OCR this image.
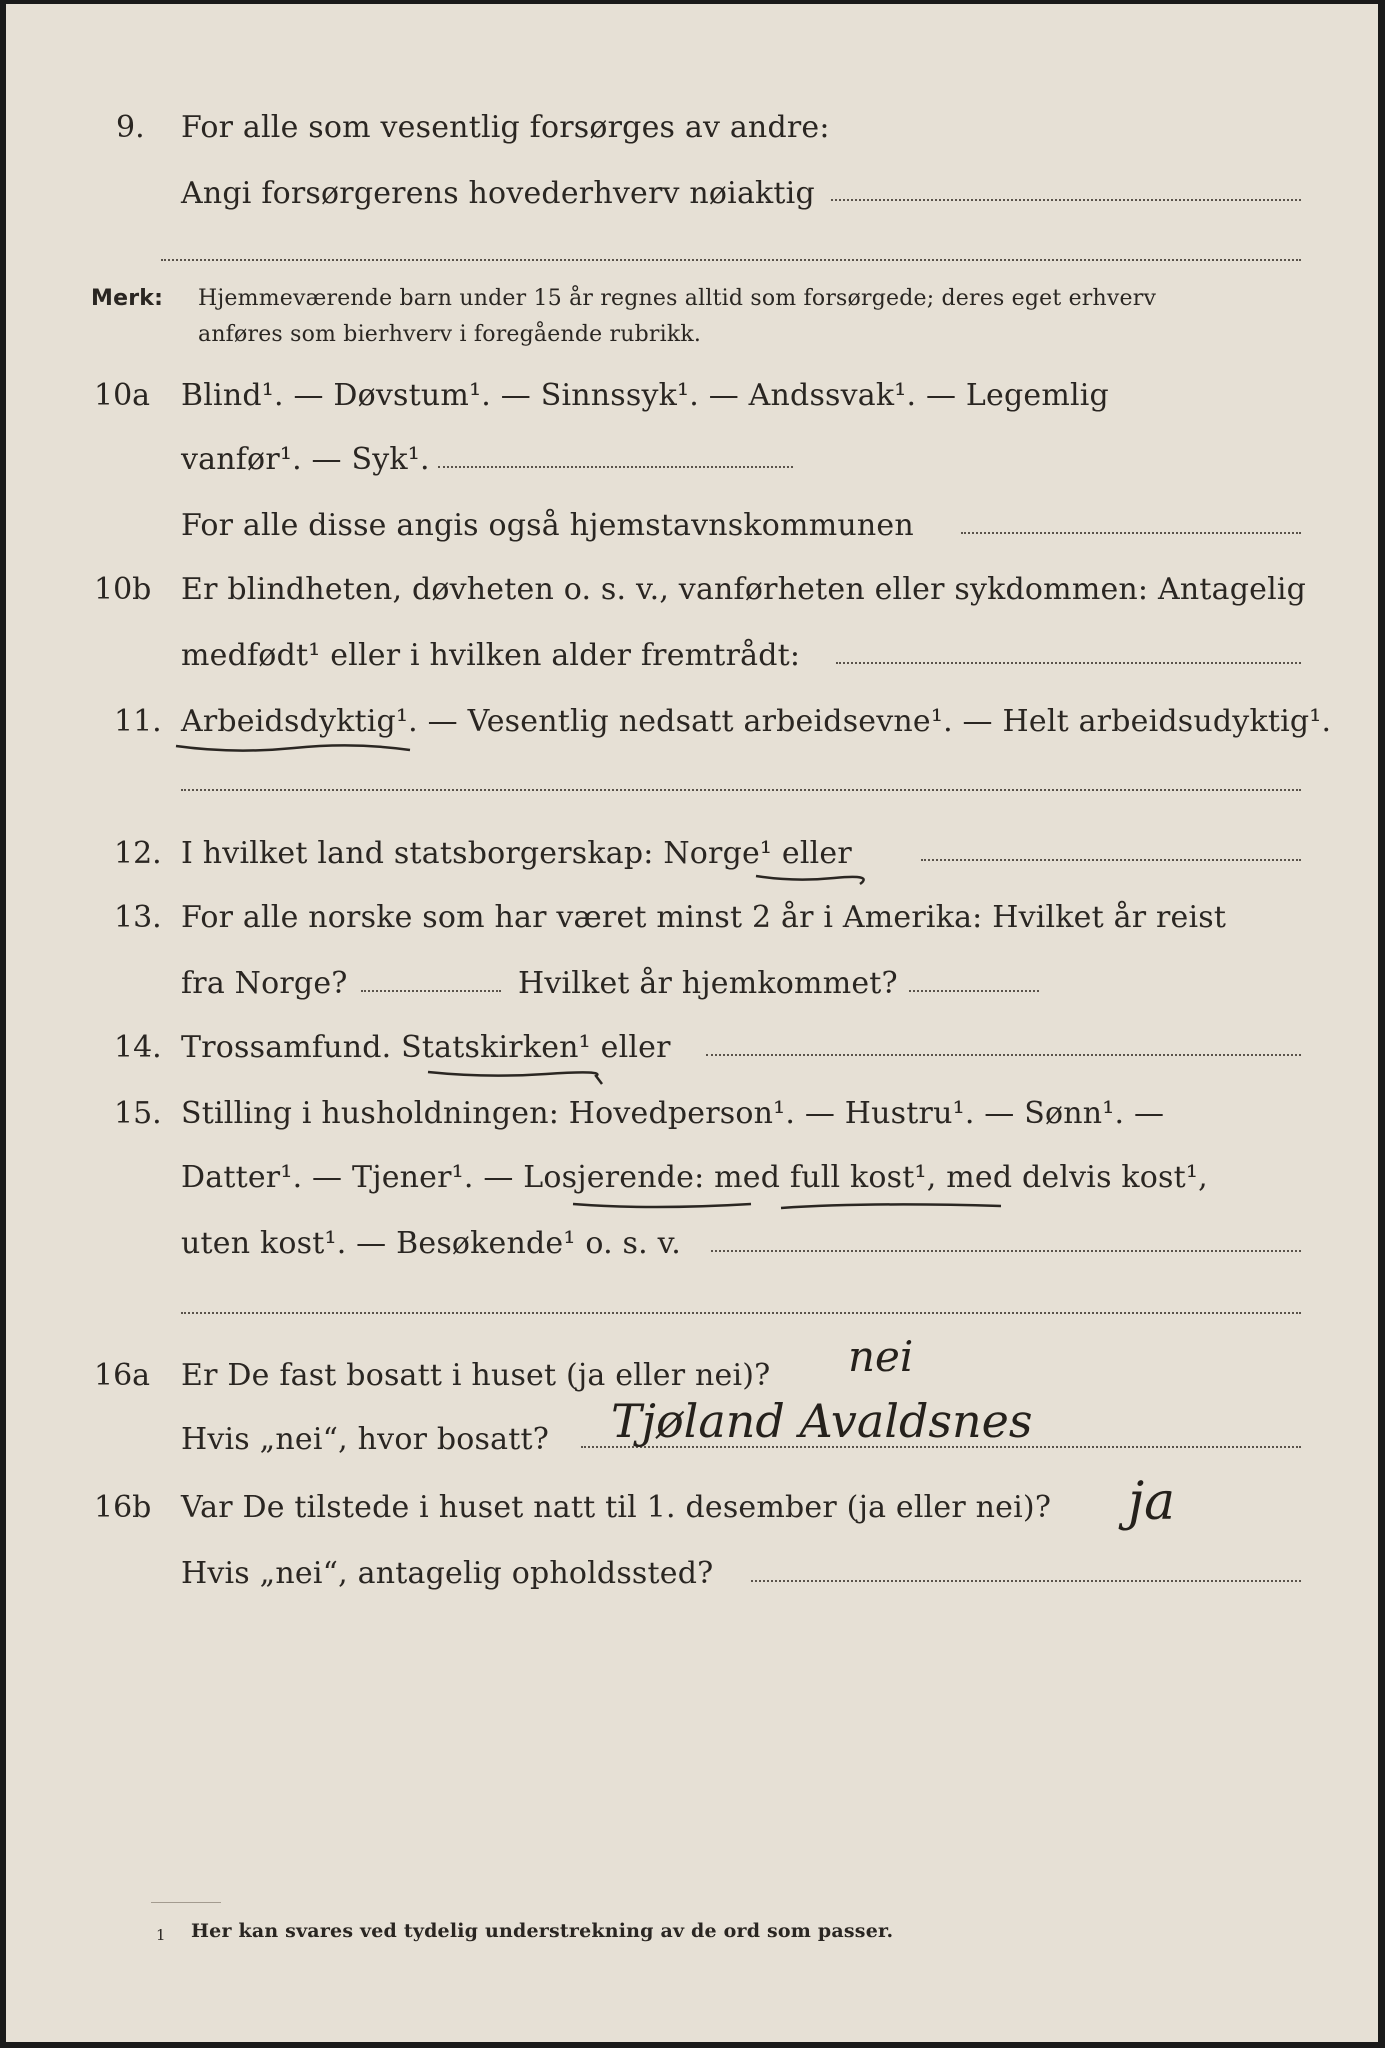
9. For alle som vesentlig forsørges av andre:
Angi forsørgerens hovederhverv nøiaktig
Merk: Hjemmeværende barn under 15 år regnes alltid som forsørgede; deres eget erhverv
anføres som bierhverv i foregående rubrikk.
10a Blind¹. — Døvstum¹. — Sinnssyk¹. — Andssvak¹. — Legemlig
vanfør¹. — Syk¹.
For alle disse angis også hjemstavnskommunen
10b Er blindheten, døvheten o. s. v., vanførheten eller sykdommen: Antagelig
medfødt¹ eller i hvilken alder fremtrådt:
11. Arbeidsdyktig¹. — Vesentlig nedsatt arbeidsevne¹. — Helt arbeidsudyktig¹.
12. I hvilket land statsborgerskap: Norge¹ eller
13. For alle norske som har været minst 2 år i Amerika: Hvilket år reist
fra Norge?	Hvilket år hjemkommet?
14. Trossamfund. Statskirken¹ eller
15. Stilling i husholdningen: Hovedperson¹. — Hustru¹. — Sønn¹. —
Datter¹. — Tjener¹. — Losjerende: med full kost¹, med delvis kost¹,
uten kost¹. — Besøkende¹ o. s. v.
16a Er De fast bosatt i huset (ja eller nei)? nei
Hvis „nei“, hvor bosatt? Tjøland Avaldsnes
16b Var De tilstede i huset natt til 1. desember (ja eller nei)? ja
Hvis „nei“, antagelig opholdssted?
1 Her kan svares ved tydelig understrekning av de ord som passer.
